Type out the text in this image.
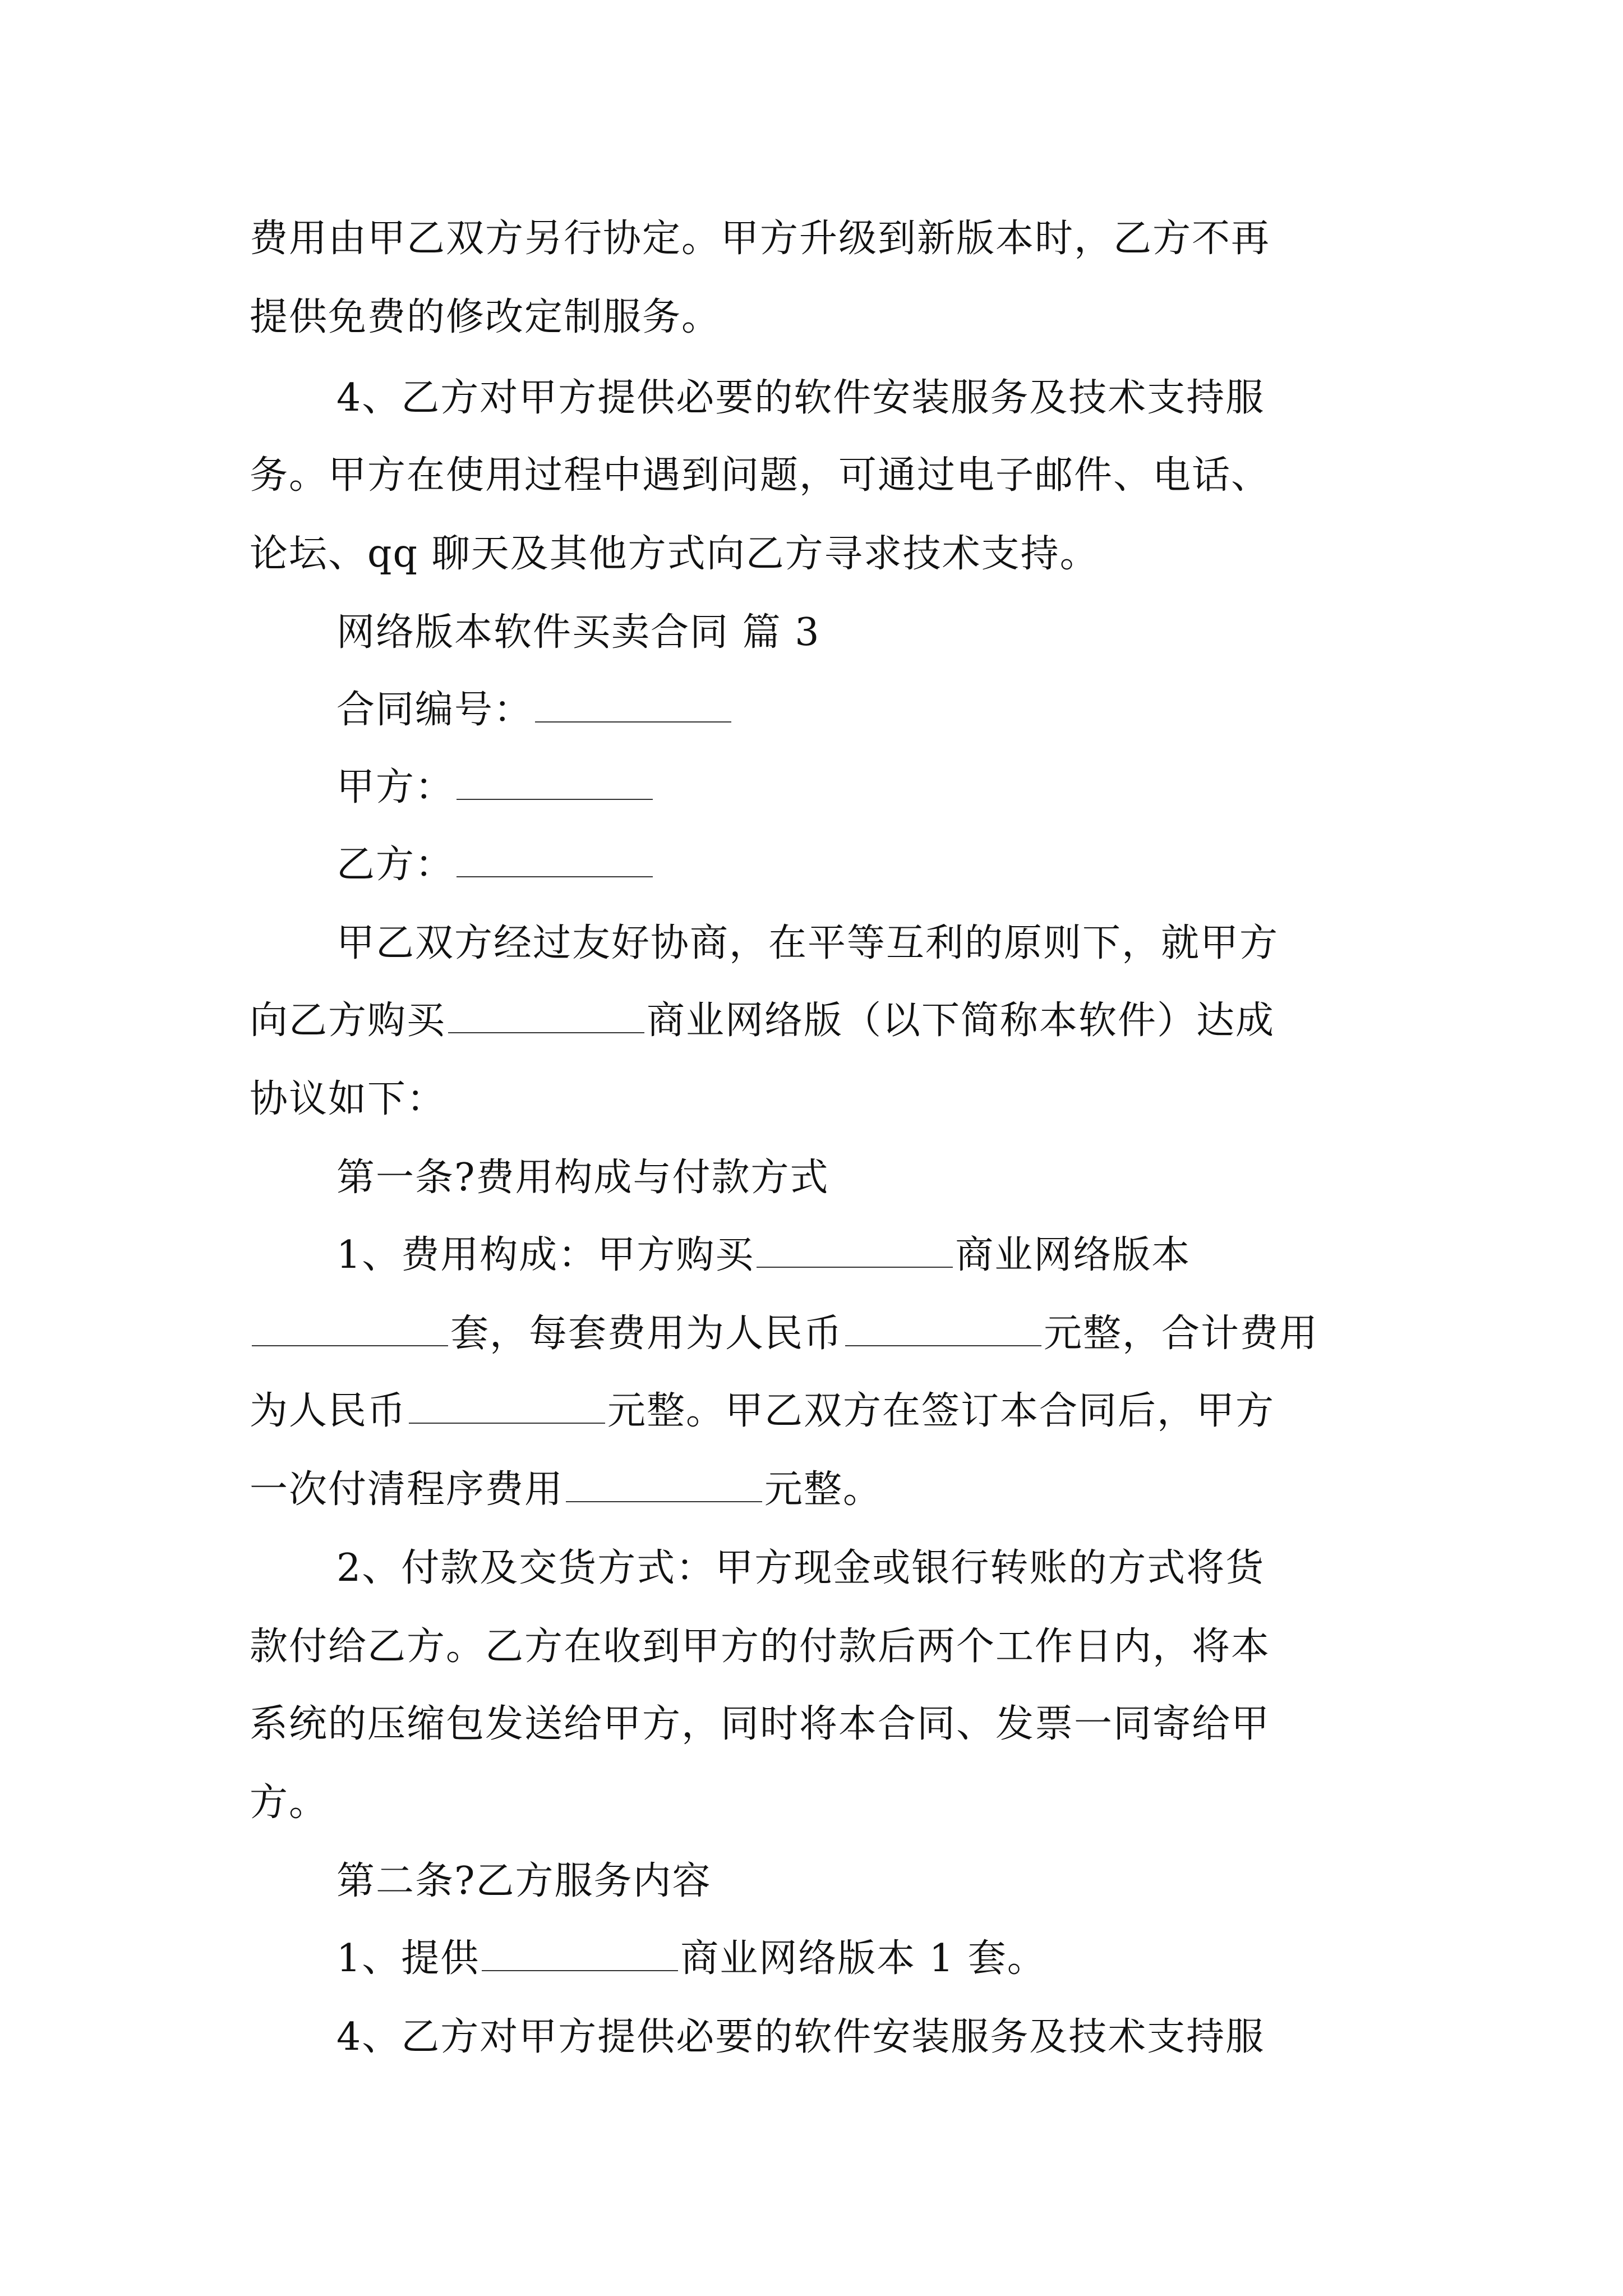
费用由甲乙双方另行协定。甲方升级到新版本时，乙方不再
提供免费的修改定制服务。
4、乙方对甲方提供必要的软件安装服务及技术支持服
务。甲方在使用过程中遇到问题，可通过电子邮件、电话、
论坛、qq 聊天及其他方式向乙方寻求技术支持。
网络版本软件买卖合同 篇 3
合同编号：
甲方：
乙方：
甲乙双方经过友好协商，在平等互利的原则下，就甲方
向乙方购买	商业网络版（以下简称本软件）达成
协议如下：
第一条?费用构成与付款方式
1、费用构成：甲方购买	商业网络版本
套，每套费用为人民币	元整，合计费用
为人民币	元整。甲乙双方在签订本合同后，甲方
一次付清程序费用	元整。
2、付款及交货方式：甲方现金或银行转账的方式将货
款付给乙方。乙方在收到甲方的付款后两个工作日内，将本
系统的压缩包发送给甲方，同时将本合同、发票一同寄给甲
方。
第二条?乙方服务内容
1、提供	商业网络版本 1 套。
4、乙方对甲方提供必要的软件安装服务及技术支持服
